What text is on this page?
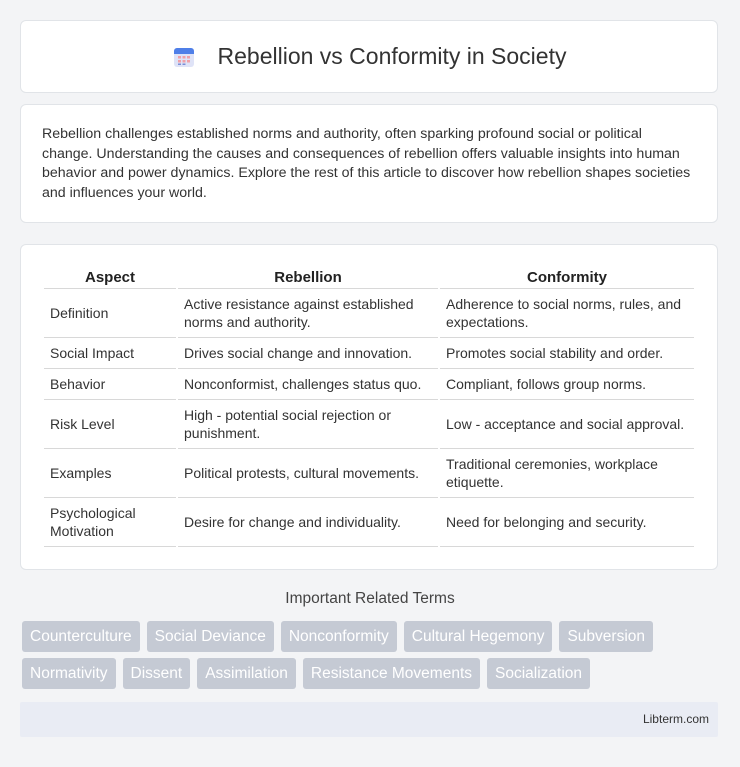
Rebellion vs Conformity in Society
Rebellion challenges established norms and authority, often sparking profound social or political change. Understanding the causes and consequences of rebellion offers valuable insights into human behavior and power dynamics. Explore the rest of this article to discover how rebellion shapes societies and influences your world.
Aspect	Rebellion	Conformity
Definition	Active resistance against established norms and authority.	Adherence to social norms, rules, and expectations.
Social Impact	Drives social change and innovation.	Promotes social stability and order.
Behavior	Nonconformist, challenges status quo.	Compliant, follows group norms.
Risk Level	High - potential social rejection or punishment.	Low - acceptance and social approval.
Examples	Political protests, cultural movements.	Traditional ceremonies, workplace etiquette.
Psychological Motivation	Desire for change and individuality.	Need for belonging and security.
Important Related Terms
Counterculture	Social Deviance	Nonconformity	Cultural Hegemony	Subversion
Normativity	Dissent	Assimilation	Resistance Movements	Socialization
Libterm.com
